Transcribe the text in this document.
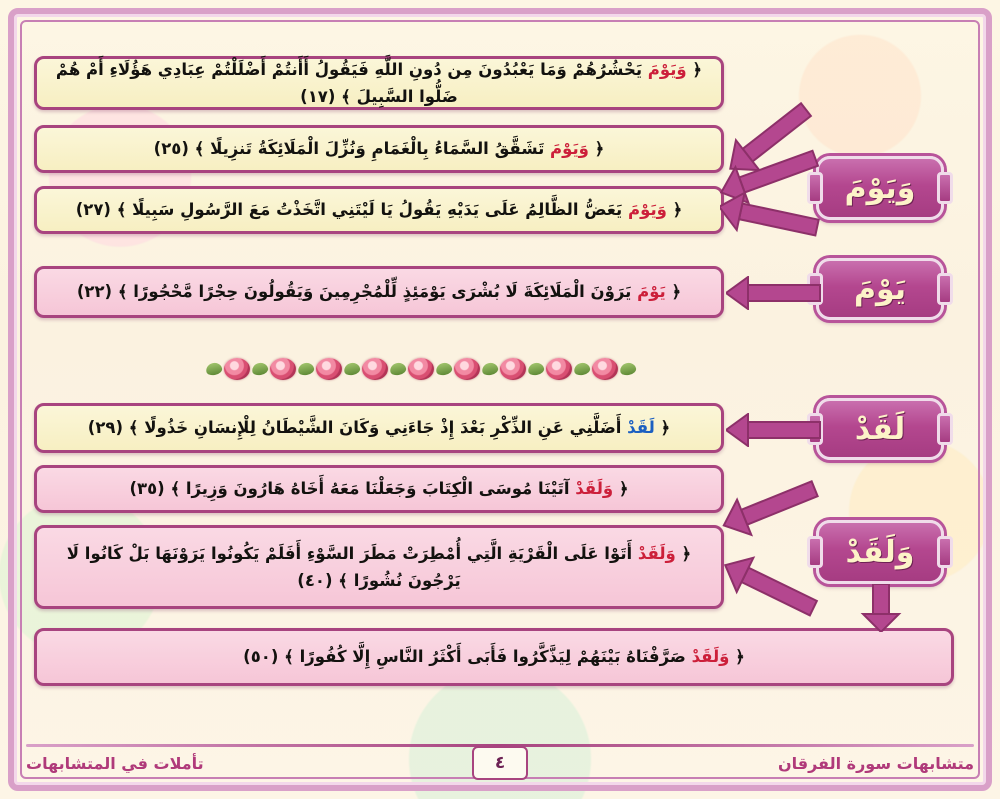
﴿ وَيَوْمَ يَحْشُرُهُمْ وَمَا يَعْبُدُونَ مِن دُونِ اللَّهِ فَيَقُولُ أَأَنتُمْ أَضْلَلْتُمْ عِبَادِي هَؤُلَاءِ أَمْ هُمْ ضَلُّوا السَّبِيلَ ﴾ (١٧)
﴿ وَيَوْمَ تَشَقَّقُ السَّمَاءُ بِالْغَمَامِ وَنُزِّلَ الْمَلَائِكَةُ تَنزِيلًا ﴾ (٢٥)
﴿ وَيَوْمَ يَعَضُّ الظَّالِمُ عَلَى يَدَيْهِ يَقُولُ يَا لَيْتَنِي اتَّخَذْتُ مَعَ الرَّسُولِ سَبِيلًا ﴾ (٢٧)
﴿ يَوْمَ يَرَوْنَ الْمَلَائِكَةَ لَا بُشْرَى يَوْمَئِذٍ لِّلْمُجْرِمِينَ وَيَقُولُونَ حِجْرًا مَّحْجُورًا ﴾ (٢٢)
﴿ لَقَدْ أَضَلَّنِي عَنِ الذِّكْرِ بَعْدَ إِذْ جَاءَنِي وَكَانَ الشَّيْطَانُ لِلْإِنسَانِ خَذُولًا ﴾ (٢٩)
﴿ وَلَقَدْ آتَيْنَا مُوسَى الْكِتَابَ وَجَعَلْنَا مَعَهُ أَخَاهُ هَارُونَ وَزِيرًا ﴾ (٣٥)
﴿ وَلَقَدْ أَتَوْا عَلَى الْقَرْيَةِ الَّتِي أُمْطِرَتْ مَطَرَ السَّوْءِ أَفَلَمْ يَكُونُوا يَرَوْنَهَا بَلْ كَانُوا لَا يَرْجُونَ نُشُورًا ﴾ (٤٠)
﴿ وَلَقَدْ صَرَّفْنَاهُ بَيْنَهُمْ لِيَذَّكَّرُوا فَأَبَى أَكْثَرُ النَّاسِ إِلَّا كُفُورًا ﴾ (٥٠)
وَيَوْمَ
يَوْمَ
لَقَدْ
وَلَقَدْ
متشابهات سورة الفرقان
٤
تأملات في المتشابهات
